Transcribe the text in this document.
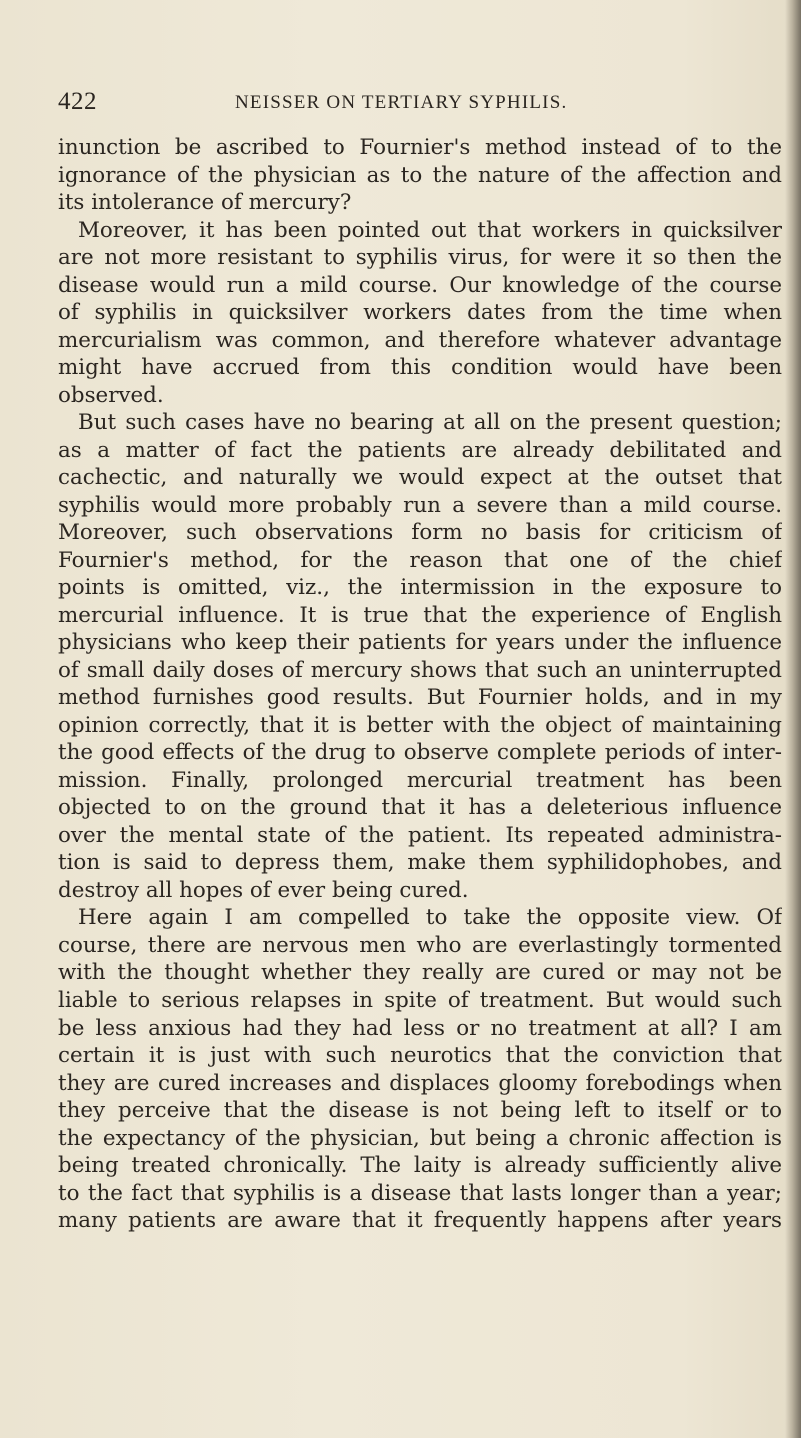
422	NEISSER ON TERTIARY SYPHILIS.
inunction be ascribed to Fournier's method instead of to the
ignorance of the physician as to the nature of the affection and
its intolerance of mercury?
Moreover, it has been pointed out that workers in quicksilver
are not more resistant to syphilis virus, for were it so then the
disease would run a mild course. Our knowledge of the course
of syphilis in quicksilver workers dates from the time when
mercurialism was common, and therefore whatever advantage
might have accrued from this condition would have been
observed.
But such cases have no bearing at all on the present question;
as a matter of fact the patients are already debilitated and
cachectic, and naturally we would expect at the outset that
syphilis would more probably run a severe than a mild course.
Moreover, such observations form no basis for criticism of
Fournier's method, for the reason that one of the chief
points is omitted, viz., the intermission in the exposure to
mercurial influence. It is true that the experience of English
physicians who keep their patients for years under the influence
of small daily doses of mercury shows that such an uninterrupted
method furnishes good results. But Fournier holds, and in my
opinion correctly, that it is better with the object of maintaining
the good effects of the drug to observe complete periods of inter-
mission. Finally, prolonged mercurial treatment has been
objected to on the ground that it has a deleterious influence
over the mental state of the patient. Its repeated administra-
tion is said to depress them, make them syphilidophobes, and
destroy all hopes of ever being cured.
Here again I am compelled to take the opposite view. Of
course, there are nervous men who are everlastingly tormented
with the thought whether they really are cured or may not be
liable to serious relapses in spite of treatment. But would such
be less anxious had they had less or no treatment at all? I am
certain it is just with such neurotics that the conviction that
they are cured increases and displaces gloomy forebodings when
they perceive that the disease is not being left to itself or to
the expectancy of the physician, but being a chronic affection is
being treated chronically. The laity is already sufficiently alive
to the fact that syphilis is a disease that lasts longer than a year;
many patients are aware that it frequently happens after years
